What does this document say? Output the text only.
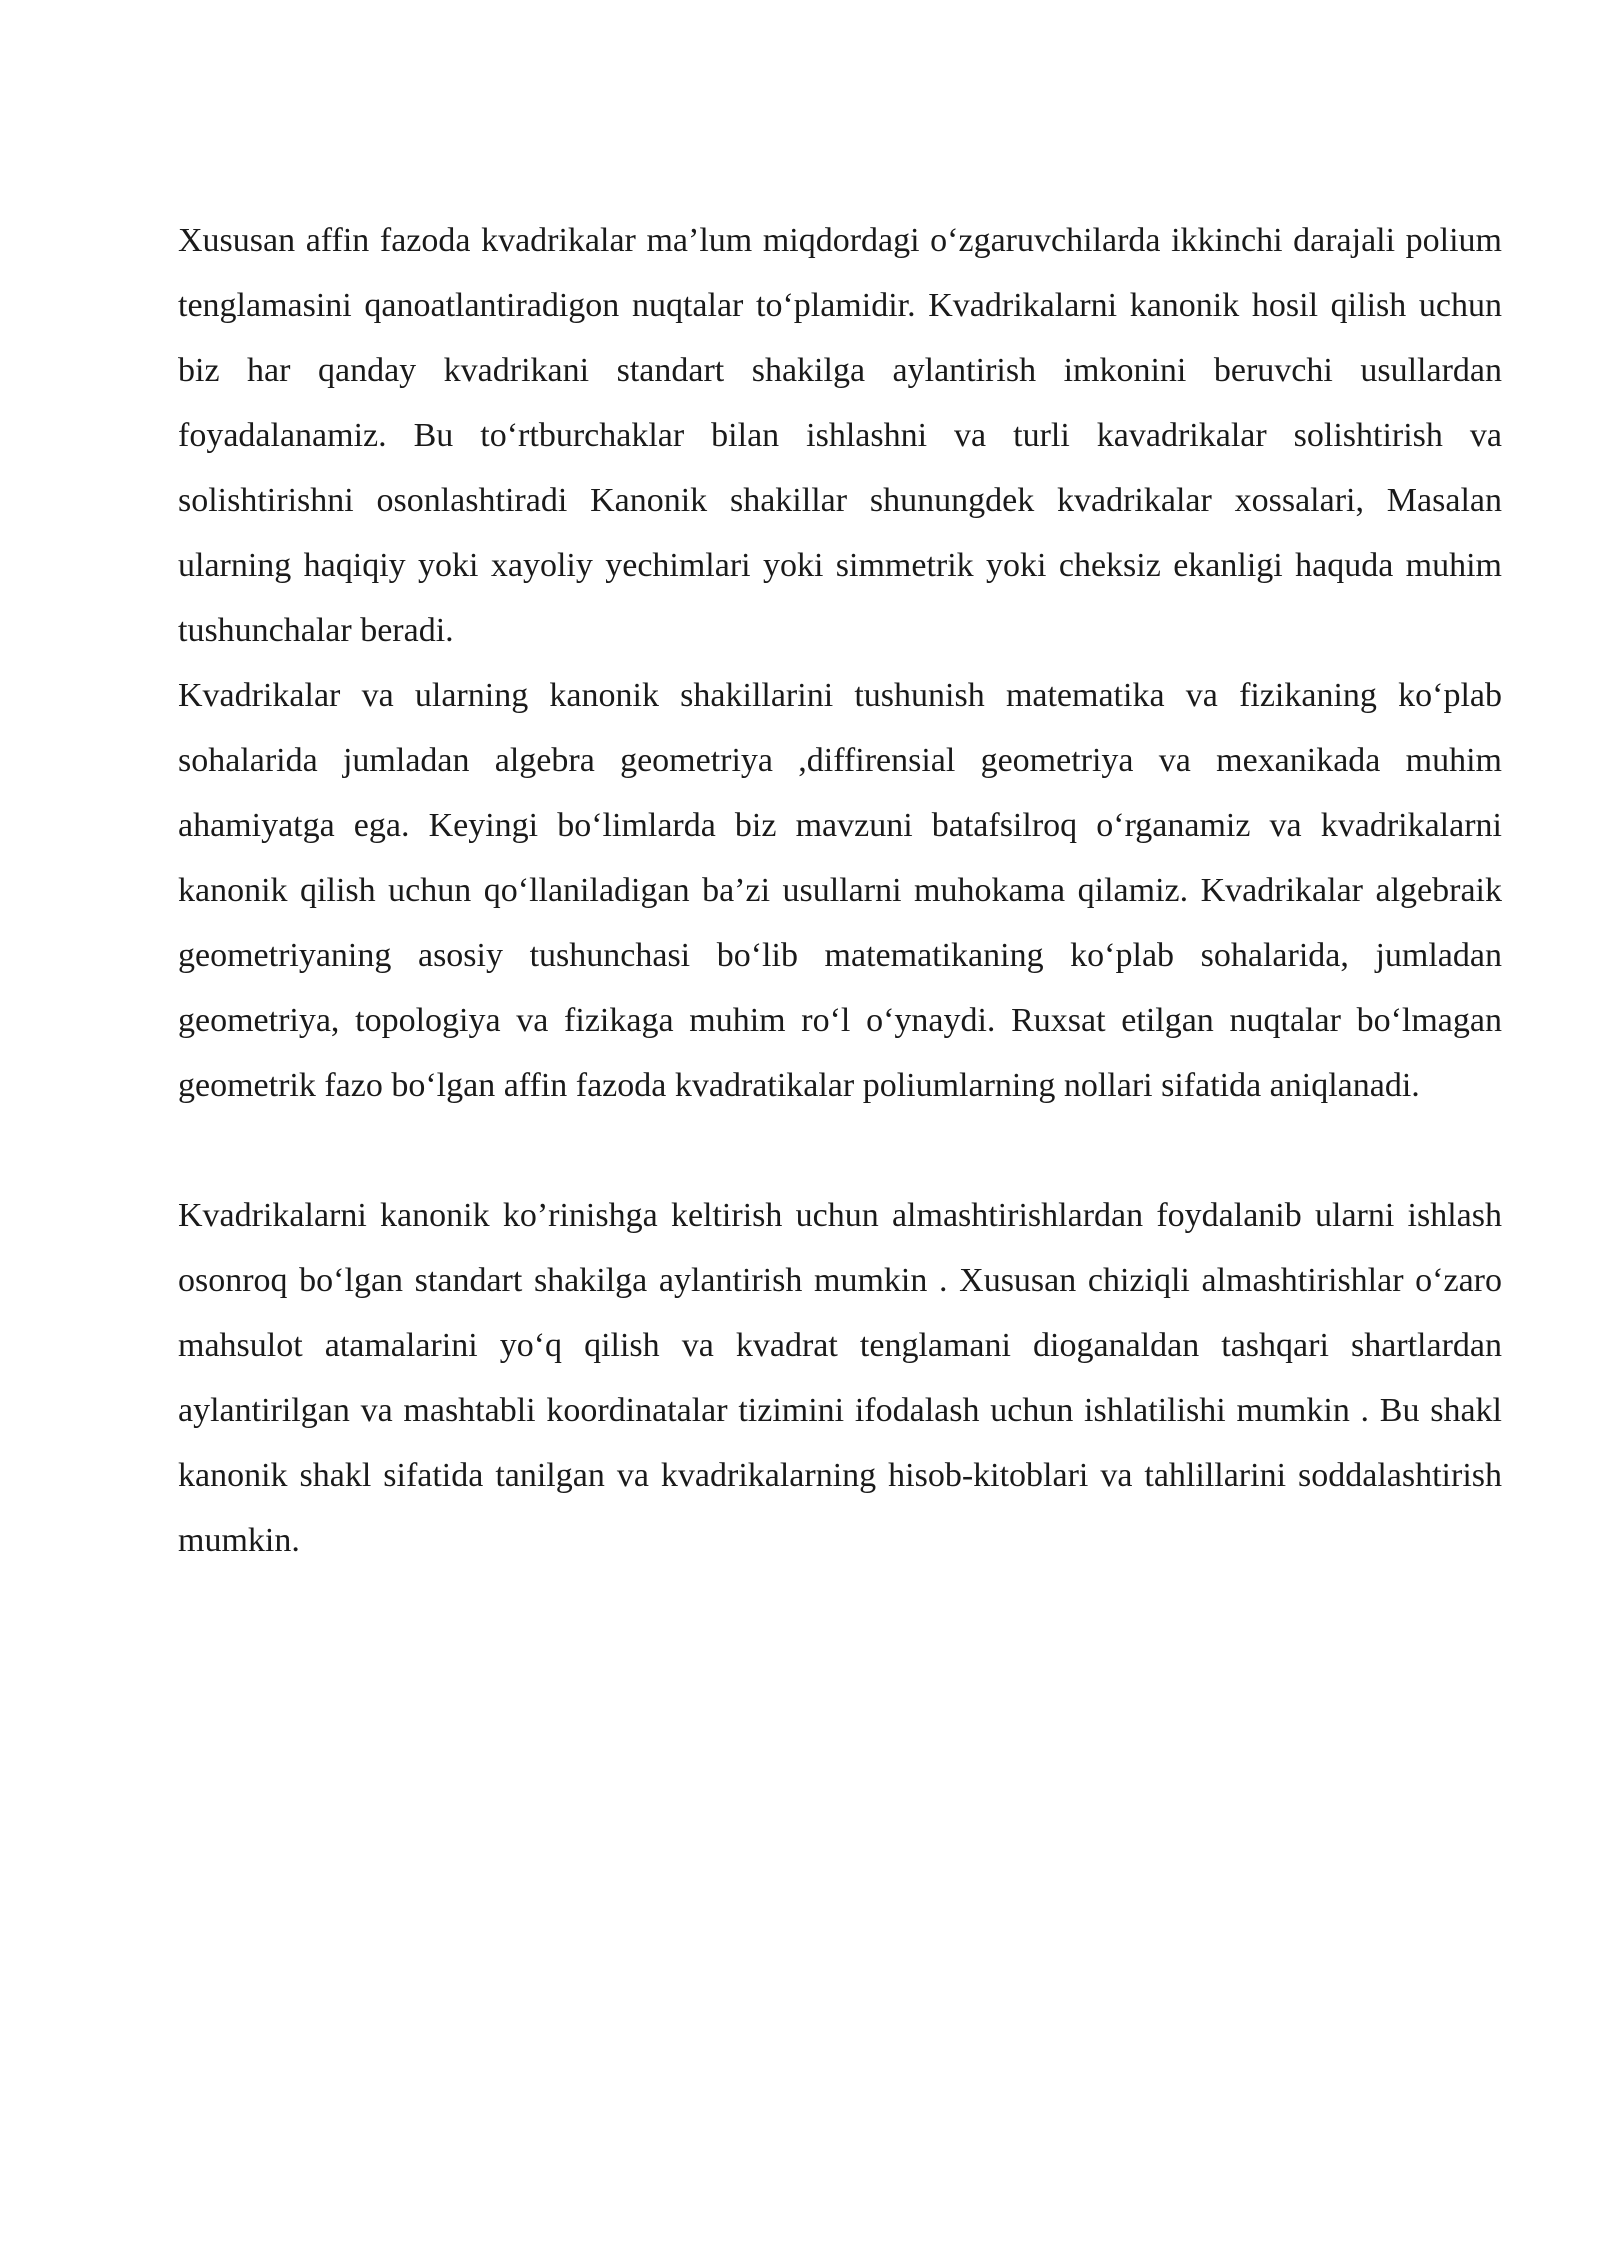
Xususan affin fazoda kvadrikalar ma’lum miqdordagi o‘zgaruvchilarda ikkinchi darajali polium tenglamasini qanoatlantiradigon nuqtalar to‘plamidir. Kvadrikalarni kanonik hosil qilish uchun biz har qanday kvadrikani standart shakilga aylantirish imkonini beruvchi usullardan foyadalanamiz. Bu to‘rtburchaklar bilan ishlashni va turli kavadrikalar solishtirish va solishtirishni osonlashtiradi Kanonik shakillar shunungdek kvadrikalar xossalari, Masalan ularning haqiqiy yoki xayoliy yechimlari yoki simmetrik yoki cheksiz ekanligi haquda muhim tushunchalar beradi.

Kvadrikalar va ularning kanonik shakillarini tushunish matematika va fizikaning ko‘plab sohalarida jumladan algebra geometriya ,diffirensial geometriya va mexanikada muhim ahamiyatga ega. Keyingi bo‘limlarda biz mavzuni batafsilroq o‘rganamiz va kvadrikalarni kanonik qilish uchun qo‘llaniladigan ba’zi usullarni muhokama qilamiz. Kvadrikalar algebraik geometriyaning asosiy tushunchasi bo‘lib matematikaning ko‘plab sohalarida, jumladan geometriya, topologiya va fizikaga muhim ro‘l o‘ynaydi. Ruxsat etilgan nuqtalar bo‘lmagan geometrik fazo bo‘lgan affin fazoda kvadratikalar poliumlarning nollari sifatida aniqlanadi.

Kvadrikalarni kanonik ko’rinishga keltirish uchun almashtirishlardan foydalanib ularni ishlash osonroq bo‘lgan standart shakilga aylantirish mumkin . Xususan chiziqli almashtirishlar o‘zaro mahsulot atamalarini yo‘q qilish va kvadrat tenglamani dioganaldan tashqari shartlardan aylantirilgan va mashtabli koordinatalar tizimini ifodalash uchun ishlatilishi mumkin . Bu shakl kanonik shakl sifatida tanilgan va kvadrikalarning hisob-kitoblari va tahlillarini soddalashtirish mumkin.
